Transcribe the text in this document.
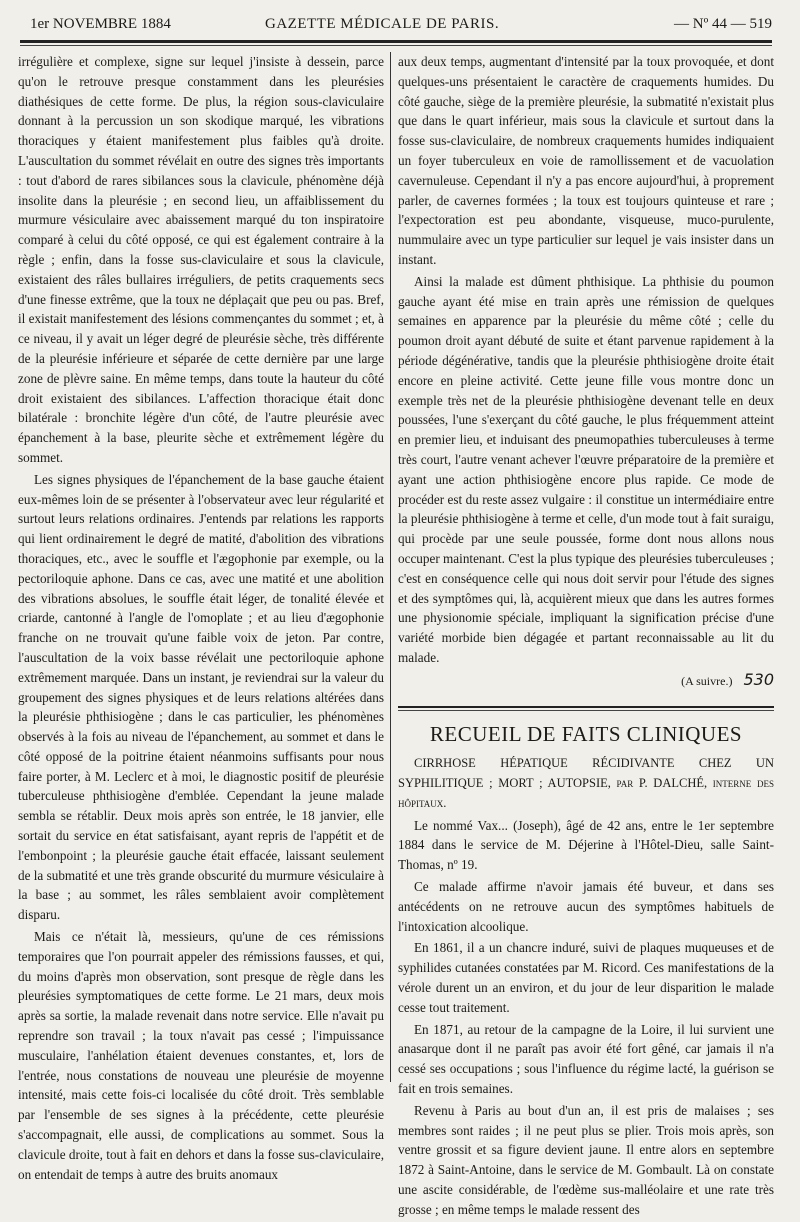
1er NOVEMBRE 1884	GAZETTE MÉDICALE DE PARIS.	— Nº 44 — 519

irrégulière et complexe, signe sur lequel j'insiste à dessein, parce qu'on le retrouve presque constamment dans les pleurésies diathésiques de cette forme. De plus, la région sous-claviculaire donnant à la percussion un son skodique marqué, les vibrations thoraciques y étaient manifestement plus faibles qu'à droite. L'auscultation du sommet révélait en outre des signes très importants : tout d'abord de rares sibilances sous la clavicule, phénomène déjà insolite dans la pleurésie ; en second lieu, un affaiblissement du murmure vésiculaire avec abaissement marqué du ton inspiratoire comparé à celui du côté opposé, ce qui est également contraire à la règle ; enfin, dans la fosse sus-claviculaire et sous la clavicule, existaient des râles bullaires irréguliers, de petits craquements secs d'une finesse extrême, que la toux ne déplaçait que peu ou pas. Bref, il existait manifestement des lésions commençantes du sommet ; et, à ce niveau, il y avait un léger degré de pleurésie sèche, très différente de la pleurésie inférieure et séparée de cette dernière par une large zone de plèvre saine. En même temps, dans toute la hauteur du côté droit existaient des sibilances. L'affection thoracique était donc bilatérale : bronchite légère d'un côté, de l'autre pleurésie avec épanchement à la base, pleurite sèche et extrêmement légère du sommet.

Les signes physiques de l'épanchement de la base gauche étaient eux-mêmes loin de se présenter à l'observateur avec leur régularité et surtout leurs relations ordinaires. J'entends par relations les rapports qui lient ordinairement le degré de matité, d'abolition des vibrations thoraciques, etc., avec le souffle et l'ægophonie par exemple, ou la pectoriloquie aphone. Dans ce cas, avec une matité et une abolition des vibrations absolues, le souffle était léger, de tonalité élevée et criarde, cantonné à l'angle de l'omoplate ; et au lieu d'ægophonie franche on ne trouvait qu'une faible voix de jeton. Par contre, l'auscultation de la voix basse révélait une pectoriloquie aphone extrêmement marquée. Dans un instant, je reviendrai sur la valeur du groupement des signes physiques et de leurs relations altérées dans la pleurésie phthisiogène ; dans le cas particulier, les phénomènes observés à la fois au niveau de l'épanchement, au sommet et dans le côté opposé de la poitrine étaient néanmoins suffisants pour nous faire porter, à M. Leclerc et à moi, le diagnostic positif de pleurésie tuberculeuse phthisiogène d'emblée. Cependant la jeune malade sembla se rétablir. Deux mois après son entrée, le 18 janvier, elle sortait du service en état satisfaisant, ayant repris de l'appétit et de l'embonpoint ; la pleurésie gauche était effacée, laissant seulement de la submatité et une très grande obscurité du murmure vésiculaire à la base ; au sommet, les râles semblaient avoir complètement disparu.

Mais ce n'était là, messieurs, qu'une de ces rémissions temporaires que l'on pourrait appeler des rémissions fausses, et qui, du moins d'après mon observation, sont presque de règle dans les pleurésies symptomatiques de cette forme. Le 21 mars, deux mois après sa sortie, la malade revenait dans notre service. Elle n'avait pu reprendre son travail ; la toux n'avait pas cessé ; l'impuissance musculaire, l'anhélation étaient devenues constantes, et, lors de l'entrée, nous constations de nouveau une pleurésie de moyenne intensité, mais cette fois-ci localisée du côté droit. Très semblable par l'ensemble de ses signes à la précédente, cette pleurésie s'accompagnait, elle aussi, de complications au sommet. Sous la clavicule droite, tout à fait en dehors et dans la fosse sus-claviculaire, on entendait de temps à autre des bruits anomaux

aux deux temps, augmentant d'intensité par la toux provoquée, et dont quelques-uns présentaient le caractère de craquements humides. Du côté gauche, siège de la première pleurésie, la submatité n'existait plus que dans le quart inférieur, mais sous la clavicule et surtout dans la fosse sus-claviculaire, de nombreux craquements humides indiquaient un foyer tuberculeux en voie de ramollissement et de vacuolation cavernuleuse. Cependant il n'y a pas encore aujourd'hui, à proprement parler, de cavernes formées ; la toux est toujours quinteuse et rare ; l'expectoration est peu abondante, visqueuse, muco-purulente, nummulaire avec un type particulier sur lequel je vais insister dans un instant.

Ainsi la malade est dûment phthisique. La phthisie du poumon gauche ayant été mise en train après une rémission de quelques semaines en apparence par la pleurésie du même côté ; celle du poumon droit ayant débuté de suite et étant parvenue rapidement à la période dégénérative, tandis que la pleurésie phthisiogène droite était encore en pleine activité. Cette jeune fille vous montre donc un exemple très net de la pleurésie phthisiogène devenant telle en deux poussées, l'une s'exerçant du côté gauche, le plus fréquemment atteint en premier lieu, et induisant des pneumopathies tuberculeuses à terme très court, l'autre venant achever l'œuvre préparatoire de la première et ayant une action phthisiogène encore plus rapide. Ce mode de procéder est du reste assez vulgaire : il constitue un intermédiaire entre la pleurésie phthisiogène à terme et celle, d'un mode tout à fait suraigu, qui procède par une seule poussée, forme dont nous allons nous occuper maintenant. C'est la plus typique des pleurésies tuberculeuses ; c'est en conséquence celle qui nous doit servir pour l'étude des signes et des symptômes qui, là, acquièrent mieux que dans les autres formes une physionomie spéciale, impliquant la signification précise d'une variété morbide bien dégagée et partant reconnaissable au lit du malade.

(A suivre.) 530
RECUEIL DE FAITS CLINIQUES

CIRRHOSE HÉPATIQUE RÉCIDIVANTE CHEZ UN SYPHILITIQUE ; MORT ; AUTOPSIE, par P. DALCHÉ, interne des hôpitaux.

Le nommé Vax... (Joseph), âgé de 42 ans, entre le 1er septembre 1884 dans le service de M. Déjerine à l'Hôtel-Dieu, salle Saint-Thomas, nº 19.

Ce malade affirme n'avoir jamais été buveur, et dans ses antécédents on ne retrouve aucun des symptômes habituels de l'intoxication alcoolique.

En 1861, il a un chancre induré, suivi de plaques muqueuses et de syphilides cutanées constatées par M. Ricord. Ces manifestations de la vérole durent un an environ, et du jour de leur disparition le malade cesse tout traitement.

En 1871, au retour de la campagne de la Loire, il lui survient une anasarque dont il ne paraît pas avoir été fort gêné, car jamais il n'a cessé ses occupations ; sous l'influence du régime lacté, la guérison se fait en trois semaines.

Revenu à Paris au bout d'un an, il est pris de malaises ; ses membres sont raides ; il ne peut plus se plier. Trois mois après, son ventre grossit et sa figure devient jaune. Il entre alors en septembre 1872 à Saint-Antoine, dans le service de M. Gombault. Là on constate une ascite considérable, de l'œdème sus-malléolaire et une rate très grosse ; en même temps le malade ressent des
